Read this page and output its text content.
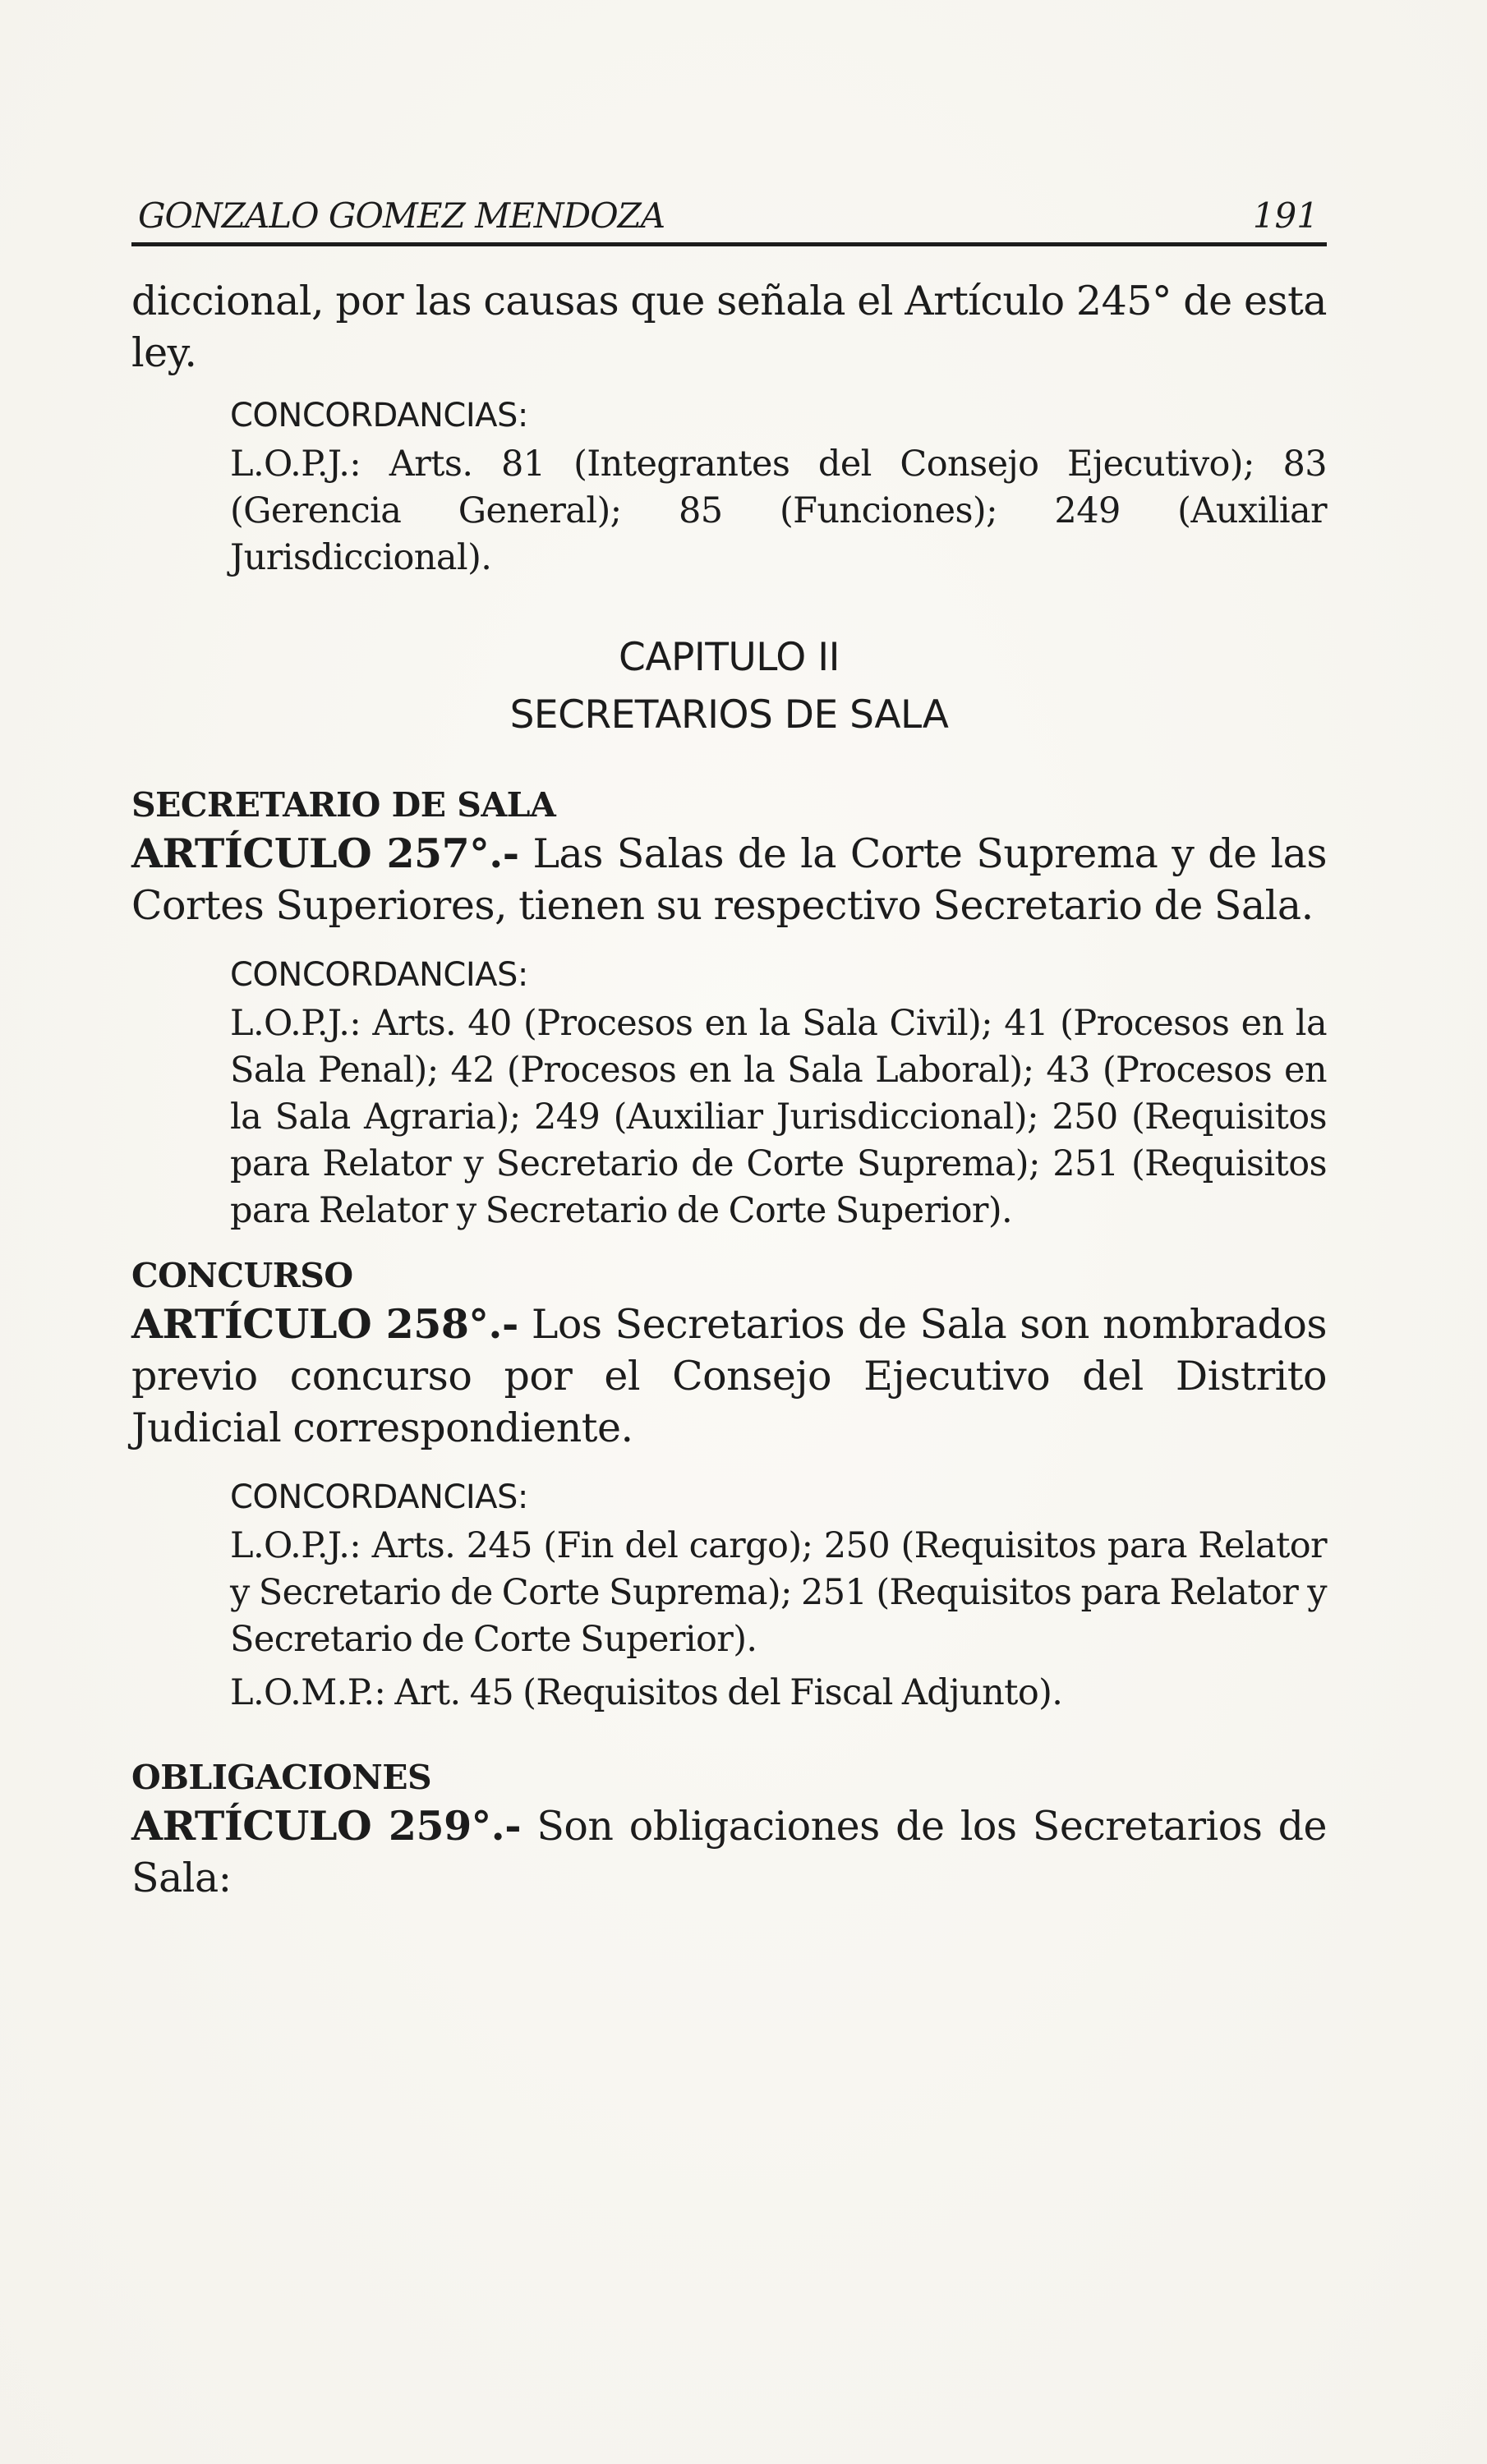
GONZALO GOMEZ MENDOZA	191

diccional, por las causas que señala el Artículo 245° de esta ley.

CONCORDANCIAS:

L.O.P.J.: Arts. 81 (Integrantes del Consejo Ejecutivo); 83 (Gerencia General); 85 (Funciones); 249 (Auxiliar Jurisdiccional).

CAPITULO II

SECRETARIOS DE SALA

SECRETARIO DE SALA

ARTÍCULO 257°.- Las Salas de la Corte Suprema y de las Cortes Superiores, tienen su respectivo Secretario de Sala.

CONCORDANCIAS:

L.O.P.J.: Arts. 40 (Procesos en la Sala Civil); 41 (Procesos en la Sala Penal); 42 (Procesos en la Sala Laboral); 43 (Procesos en la Sala Agraria); 249 (Auxiliar Jurisdiccional); 250 (Requisitos para Relator y Secretario de Corte Suprema); 251 (Requisitos para Relator y Secretario de Corte Superior).

CONCURSO

ARTÍCULO 258°.- Los Secretarios de Sala son nombrados previo concurso por el Consejo Ejecutivo del Distrito Judicial correspondiente.

CONCORDANCIAS:

L.O.P.J.: Arts. 245 (Fin del cargo); 250 (Requisitos para Relator y Secretario de Corte Suprema); 251 (Requisitos para Relator y Secretario de Corte Superior).

L.O.M.P.: Art. 45 (Requisitos del Fiscal Adjunto).

OBLIGACIONES

ARTÍCULO 259°.- Son obligaciones de los Secretarios de Sala:
